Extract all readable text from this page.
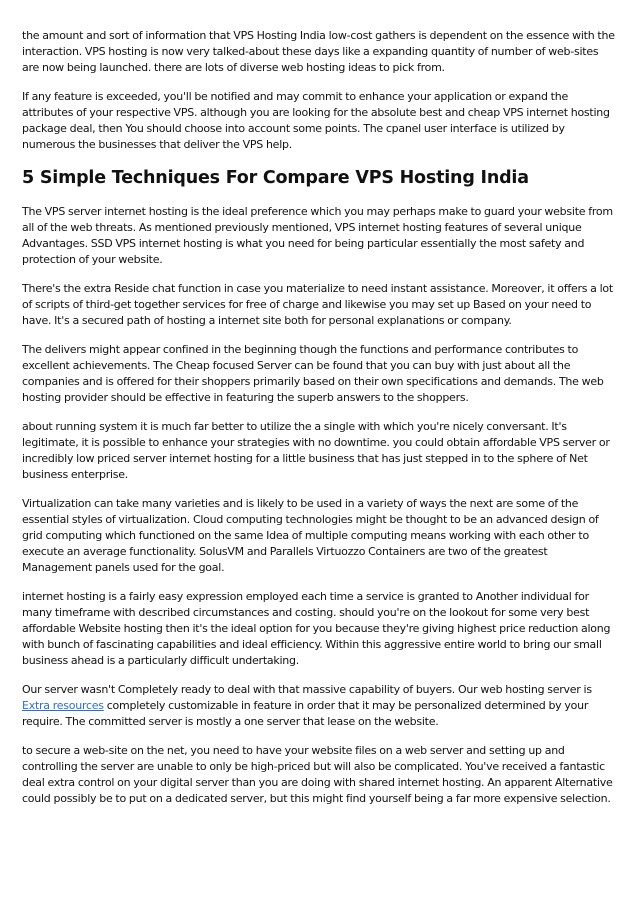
the amount and sort of information that VPS Hosting India low-cost gathers is dependent on the essence with the interaction. VPS hosting is now very talked-about these days like a expanding quantity of number of web-sites are now being launched. there are lots of diverse web hosting ideas to pick from.

If any feature is exceeded, you'll be notified and may commit to enhance your application or expand the attributes of your respective VPS. although you are looking for the absolute best and cheap VPS internet hosting package deal, then You should choose into account some points. The cpanel user interface is utilized by numerous the businesses that deliver the VPS help.

5 Simple Techniques For Compare VPS Hosting India

The VPS server internet hosting is the ideal preference which you may perhaps make to guard your website from all of the web threats. As mentioned previously mentioned, VPS internet hosting features of several unique Advantages. SSD VPS internet hosting is what you need for being particular essentially the most safety and protection of your website.

There's the extra Reside chat function in case you materialize to need instant assistance. Moreover, it offers a lot of scripts of third-get together services for free of charge and likewise you may set up Based on your need to have. It's a secured path of hosting a internet site both for personal explanations or company.

The delivers might appear confined in the beginning though the functions and performance contributes to excellent achievements. The Cheap focused Server can be found that you can buy with just about all the companies and is offered for their shoppers primarily based on their own specifications and demands. The web hosting provider should be effective in featuring the superb answers to the shoppers.

about running system it is much far better to utilize the a single with which you're nicely conversant. It's legitimate, it is possible to enhance your strategies with no downtime. you could obtain affordable VPS server or incredibly low priced server internet hosting for a little business that has just stepped in to the sphere of Net business enterprise.

Virtualization can take many varieties and is likely to be used in a variety of ways the next are some of the essential styles of virtualization. Cloud computing technologies might be thought to be an advanced design of grid computing which functioned on the same Idea of multiple computing means working with each other to execute an average functionality. SolusVM and Parallels Virtuozzo Containers are two of the greatest Management panels used for the goal.

internet hosting is a fairly easy expression employed each time a service is granted to Another individual for many timeframe with described circumstances and costing. should you're on the lookout for some very best affordable Website hosting then it's the ideal option for you because they're giving highest price reduction along with bunch of fascinating capabilities and ideal efficiency. Within this aggressive entire world to bring our small business ahead is a particularly difficult undertaking.

Our server wasn't Completely ready to deal with that massive capability of buyers. Our web hosting server is Extra resources completely customizable in feature in order that it may be personalized determined by your require. The committed server is mostly a one server that lease on the website.

to secure a web-site on the net, you need to have your website files on a web server and setting up and controlling the server are unable to only be high-priced but will also be complicated. You've received a fantastic deal extra control on your digital server than you are doing with shared internet hosting. An apparent Alternative could possibly be to put on a dedicated server, but this might find yourself being a far more expensive selection.
